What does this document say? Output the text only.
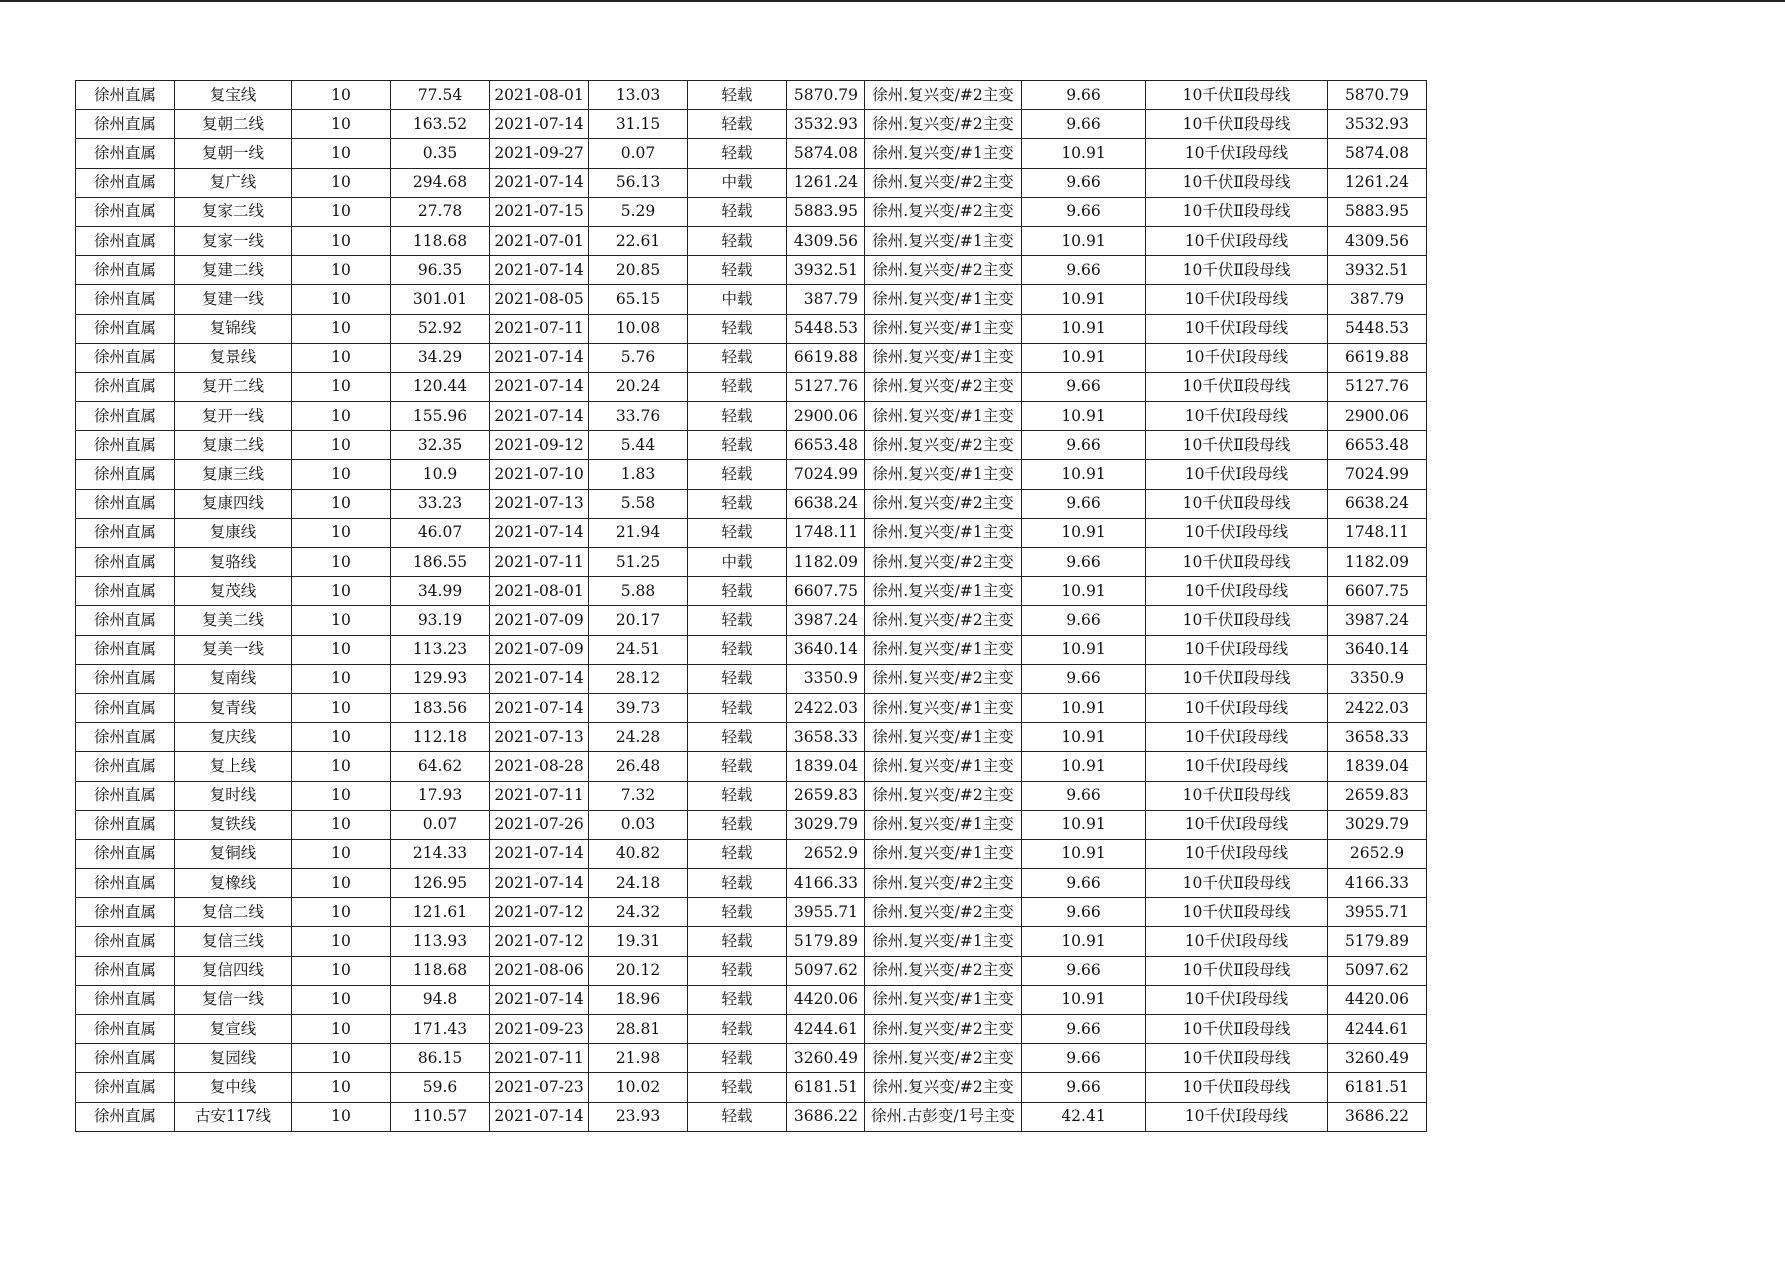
徐州直属	复宝线	10	77.54	2021-08-01	13.03	轻载	5870.79	徐州.复兴变/#2主变	9.66	10千伏Ⅱ段母线	5870.79
徐州直属	复朝二线	10	163.52	2021-07-14	31.15	轻载	3532.93	徐州.复兴变/#2主变	9.66	10千伏Ⅱ段母线	3532.93
徐州直属	复朝一线	10	0.35	2021-09-27	0.07	轻载	5874.08	徐州.复兴变/#1主变	10.91	10千伏Ⅰ段母线	5874.08
徐州直属	复广线	10	294.68	2021-07-14	56.13	中载	1261.24	徐州.复兴变/#2主变	9.66	10千伏Ⅱ段母线	1261.24
徐州直属	复家二线	10	27.78	2021-07-15	5.29	轻载	5883.95	徐州.复兴变/#2主变	9.66	10千伏Ⅱ段母线	5883.95
徐州直属	复家一线	10	118.68	2021-07-01	22.61	轻载	4309.56	徐州.复兴变/#1主变	10.91	10千伏Ⅰ段母线	4309.56
徐州直属	复建二线	10	96.35	2021-07-14	20.85	轻载	3932.51	徐州.复兴变/#2主变	9.66	10千伏Ⅱ段母线	3932.51
徐州直属	复建一线	10	301.01	2021-08-05	65.15	中载	387.79	徐州.复兴变/#1主变	10.91	10千伏Ⅰ段母线	387.79
徐州直属	复锦线	10	52.92	2021-07-11	10.08	轻载	5448.53	徐州.复兴变/#1主变	10.91	10千伏Ⅰ段母线	5448.53
徐州直属	复景线	10	34.29	2021-07-14	5.76	轻载	6619.88	徐州.复兴变/#1主变	10.91	10千伏Ⅰ段母线	6619.88
徐州直属	复开二线	10	120.44	2021-07-14	20.24	轻载	5127.76	徐州.复兴变/#2主变	9.66	10千伏Ⅱ段母线	5127.76
徐州直属	复开一线	10	155.96	2021-07-14	33.76	轻载	2900.06	徐州.复兴变/#1主变	10.91	10千伏Ⅰ段母线	2900.06
徐州直属	复康二线	10	32.35	2021-09-12	5.44	轻载	6653.48	徐州.复兴变/#2主变	9.66	10千伏Ⅱ段母线	6653.48
徐州直属	复康三线	10	10.9	2021-07-10	1.83	轻载	7024.99	徐州.复兴变/#1主变	10.91	10千伏Ⅰ段母线	7024.99
徐州直属	复康四线	10	33.23	2021-07-13	5.58	轻载	6638.24	徐州.复兴变/#2主变	9.66	10千伏Ⅱ段母线	6638.24
徐州直属	复康线	10	46.07	2021-07-14	21.94	轻载	1748.11	徐州.复兴变/#1主变	10.91	10千伏Ⅰ段母线	1748.11
徐州直属	复骆线	10	186.55	2021-07-11	51.25	中载	1182.09	徐州.复兴变/#2主变	9.66	10千伏Ⅱ段母线	1182.09
徐州直属	复茂线	10	34.99	2021-08-01	5.88	轻载	6607.75	徐州.复兴变/#1主变	10.91	10千伏Ⅰ段母线	6607.75
徐州直属	复美二线	10	93.19	2021-07-09	20.17	轻载	3987.24	徐州.复兴变/#2主变	9.66	10千伏Ⅱ段母线	3987.24
徐州直属	复美一线	10	113.23	2021-07-09	24.51	轻载	3640.14	徐州.复兴变/#1主变	10.91	10千伏Ⅰ段母线	3640.14
徐州直属	复南线	10	129.93	2021-07-14	28.12	轻载	3350.9	徐州.复兴变/#2主变	9.66	10千伏Ⅱ段母线	3350.9
徐州直属	复青线	10	183.56	2021-07-14	39.73	轻载	2422.03	徐州.复兴变/#1主变	10.91	10千伏Ⅰ段母线	2422.03
徐州直属	复庆线	10	112.18	2021-07-13	24.28	轻载	3658.33	徐州.复兴变/#1主变	10.91	10千伏Ⅰ段母线	3658.33
徐州直属	复上线	10	64.62	2021-08-28	26.48	轻载	1839.04	徐州.复兴变/#1主变	10.91	10千伏Ⅰ段母线	1839.04
徐州直属	复时线	10	17.93	2021-07-11	7.32	轻载	2659.83	徐州.复兴变/#2主变	9.66	10千伏Ⅱ段母线	2659.83
徐州直属	复铁线	10	0.07	2021-07-26	0.03	轻载	3029.79	徐州.复兴变/#1主变	10.91	10千伏Ⅰ段母线	3029.79
徐州直属	复铜线	10	214.33	2021-07-14	40.82	轻载	2652.9	徐州.复兴变/#1主变	10.91	10千伏Ⅰ段母线	2652.9
徐州直属	复橡线	10	126.95	2021-07-14	24.18	轻载	4166.33	徐州.复兴变/#2主变	9.66	10千伏Ⅱ段母线	4166.33
徐州直属	复信二线	10	121.61	2021-07-12	24.32	轻载	3955.71	徐州.复兴变/#2主变	9.66	10千伏Ⅱ段母线	3955.71
徐州直属	复信三线	10	113.93	2021-07-12	19.31	轻载	5179.89	徐州.复兴变/#1主变	10.91	10千伏Ⅰ段母线	5179.89
徐州直属	复信四线	10	118.68	2021-08-06	20.12	轻载	5097.62	徐州.复兴变/#2主变	9.66	10千伏Ⅱ段母线	5097.62
徐州直属	复信一线	10	94.8	2021-07-14	18.96	轻载	4420.06	徐州.复兴变/#1主变	10.91	10千伏Ⅰ段母线	4420.06
徐州直属	复宣线	10	171.43	2021-09-23	28.81	轻载	4244.61	徐州.复兴变/#2主变	9.66	10千伏Ⅱ段母线	4244.61
徐州直属	复园线	10	86.15	2021-07-11	21.98	轻载	3260.49	徐州.复兴变/#2主变	9.66	10千伏Ⅱ段母线	3260.49
徐州直属	复中线	10	59.6	2021-07-23	10.02	轻载	6181.51	徐州.复兴变/#2主变	9.66	10千伏Ⅱ段母线	6181.51
徐州直属	古安117线	10	110.57	2021-07-14	23.93	轻载	3686.22	徐州.古彭变/1号主变	42.41	10千伏Ⅰ段母线	3686.22
